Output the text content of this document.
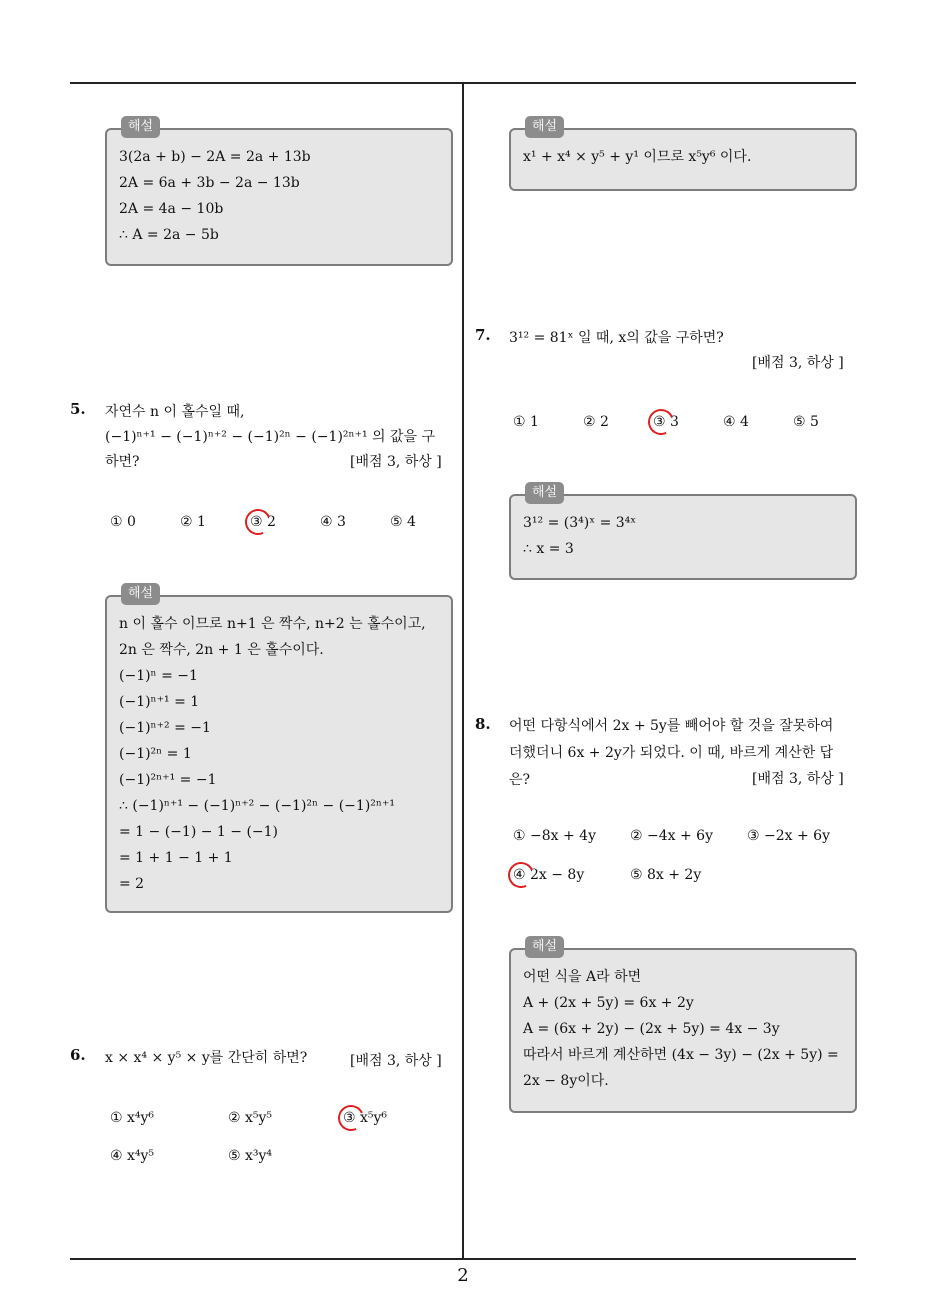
해설
3(2a + b) − 2A = 2a + 13b
2A = 6a + 3b − 2a − 13b
2A = 4a − 10b
∴ A = 2a − 5b
5. 자연수 n 이 홀수일 때,
(−1)ⁿ⁺¹ − (−1)ⁿ⁺² − (−1)²ⁿ − (−1)²ⁿ⁺¹ 의 값을 구
하면?	[배점 3, 하상 ]
① 0	② 1	③ 2	④ 3	⑤ 4
해설
n 이 홀수 이므로 n+1 은 짝수, n+2 는 홀수이고,
2n 은 짝수, 2n + 1 은 홀수이다.
(−1)ⁿ = −1
(−1)ⁿ⁺¹ = 1
(−1)ⁿ⁺² = −1
(−1)²ⁿ = 1
(−1)²ⁿ⁺¹ = −1
∴ (−1)ⁿ⁺¹ − (−1)ⁿ⁺² − (−1)²ⁿ − (−1)²ⁿ⁺¹
= 1 − (−1) − 1 − (−1)
= 1 + 1 − 1 + 1
= 2
6. x × x⁴ × y⁵ × y를 간단히 하면?	[배점 3, 하상 ]
① x⁴y⁶	② x⁵y⁵	③ x⁵y⁶
④ x⁴y⁵	⑤ x³y⁴
해설
x¹ + x⁴ × y⁵ + y¹ 이므로 x⁵y⁶ 이다.
7. 3¹² = 81ˣ 일 때, x의 값을 구하면?
[배점 3, 하상 ]
① 1	② 2	③ 3	④ 4	⑤ 5
해설
3¹² = (3⁴)ˣ = 3⁴ˣ
∴ x = 3
8. 어떤 다항식에서 2x + 5y를 빼어야 할 것을 잘못하여
더했더니 6x + 2y가 되었다. 이 때, 바르게 계산한 답
은?	[배점 3, 하상 ]
① −8x + 4y ② −4x + 6y ③ −2x + 6y
④ 2x − 8y	⑤ 8x + 2y
해설
어떤 식을 A라 하면
A + (2x + 5y) = 6x + 2y
A = (6x + 2y) − (2x + 5y) = 4x − 3y
따라서 바르게 계산하면 (4x − 3y) − (2x + 5y) =
2x − 8y이다.
2
